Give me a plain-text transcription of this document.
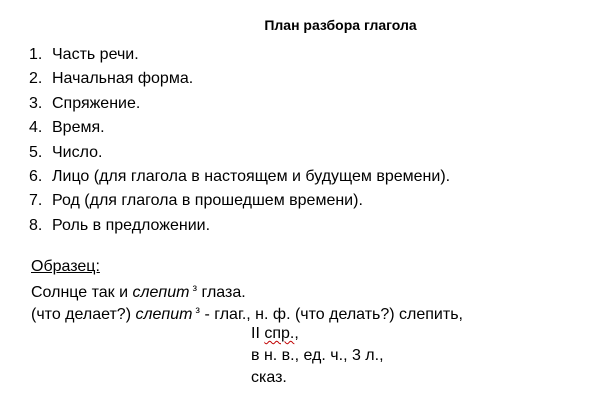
План разбора глагола
1. Часть речи.
2. Начальная форма.
3. Спряжение.
4. Время.
5. Число.
6. Лицо (для глагола в настоящем и будущем времени).
7. Род (для глагола в прошедшем времени).
8. Роль в предложении.
Образец:
Солнце так и слепит $^з$ глаза.
(что делает?) слепит $^з$ - глаг., н. ф. (что делать?) слепить,
II спр.,
в н. в., ед. ч., 3 л.,
сказ.
